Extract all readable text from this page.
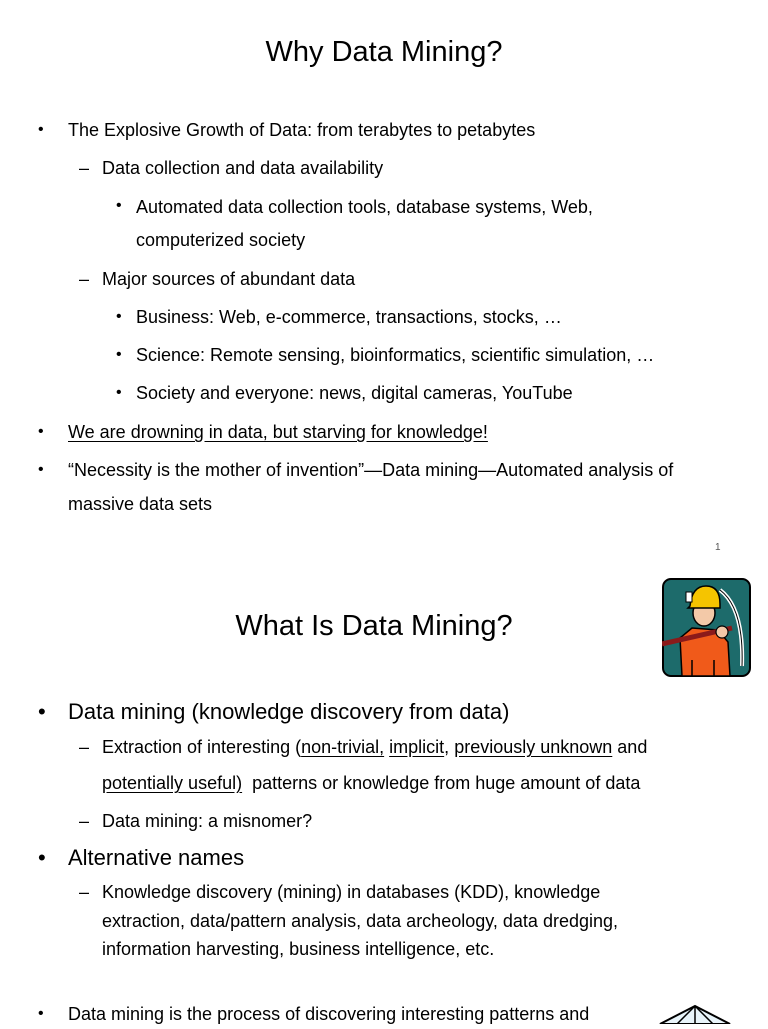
Why Data Mining?
• The Explosive Growth of Data: from terabytes to petabytes
– Data collection and data availability
• Automated data collection tools, database systems, Web,
computerized society
– Major sources of abundant data
• Business: Web, e-commerce, transactions, stocks, …
• Science: Remote sensing, bioinformatics, scientific simulation, …
• Society and everyone: news, digital cameras, YouTube
• We are drowning in data, but starving for knowledge!
• “Necessity is the mother of invention”—Data mining—Automated analysis of
massive data sets
1
What Is Data Mining?
• Data mining (knowledge discovery from data)
– Extraction of interesting (non-trivial, implicit, previously unknown and
potentially useful) patterns or knowledge from huge amount of data
– Data mining: a misnomer?
• Alternative names
– Knowledge discovery (mining) in databases (KDD), knowledge
extraction, data/pattern analysis, data archeology, data dredging,
information harvesting, business intelligence, etc.
• Data mining is the process of discovering interesting patterns and
